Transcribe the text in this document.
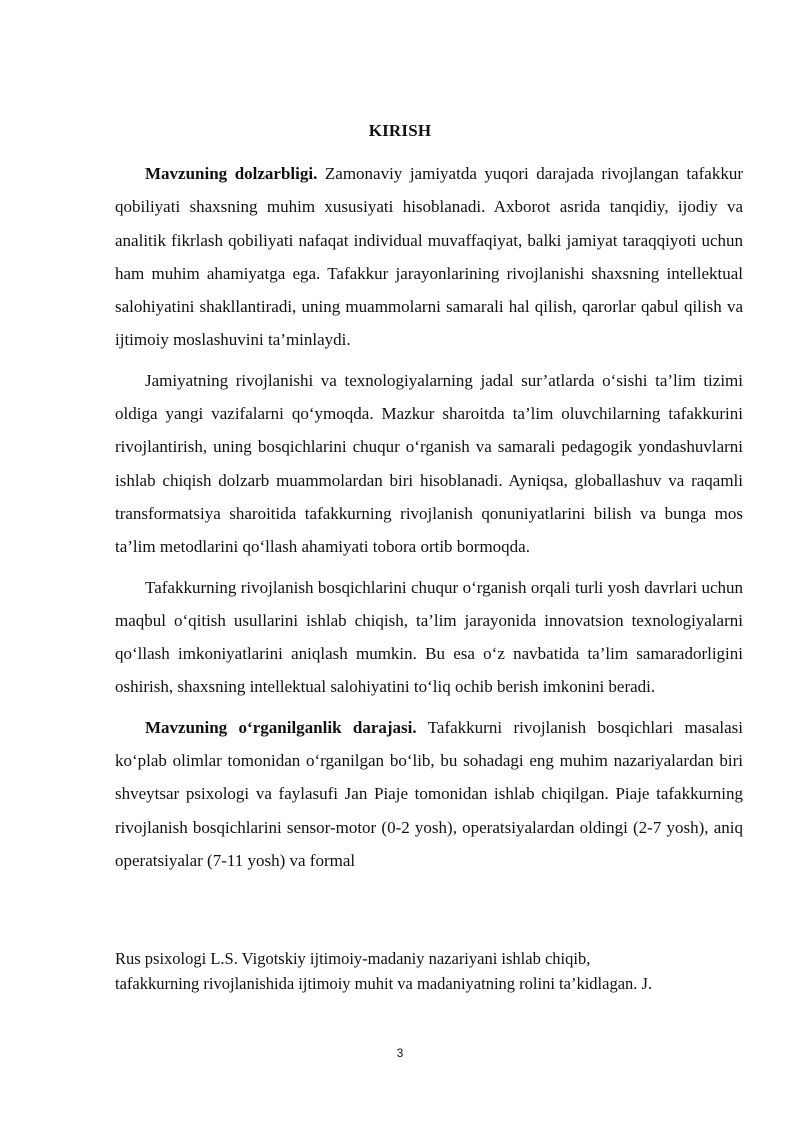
KIRISH

Mavzuning dolzarbligi. Zamonaviy jamiyatda yuqori darajada rivojlangan tafakkur qobiliyati shaxsning muhim xususiyati hisoblanadi. Axborot asrida tanqidiy, ijodiy va analitik fikrlash qobiliyati nafaqat individual muvaffaqiyat, balki jamiyat taraqqiyoti uchun ham muhim ahamiyatga ega. Tafakkur jarayonlarining rivojlanishi shaxsning intellektual salohiyatini shakllantiradi, uning muammolarni samarali hal qilish, qarorlar qabul qilish va ijtimoiy moslashuvini ta’minlaydi.

Jamiyatning rivojlanishi va texnologiyalarning jadal sur’atlarda o‘sishi ta’lim tizimi oldiga yangi vazifalarni qo‘ymoqda. Mazkur sharoitda ta’lim oluvchilarning tafakkurini rivojlantirish, uning bosqichlarini chuqur o‘rganish va samarali pedagogik yondashuvlarni ishlab chiqish dolzarb muammolardan biri hisoblanadi. Ayniqsa, globallashuv va raqamli transformatsiya sharoitida tafakkurning rivojlanish qonuniyatlarini bilish va bunga mos ta’lim metodlarini qo‘llash ahamiyati tobora ortib bormoqda.

Tafakkurning rivojlanish bosqichlarini chuqur o‘rganish orqali turli yosh davrlari uchun maqbul o‘qitish usullarini ishlab chiqish, ta’lim jarayonida innovatsion texnologiyalarni qo‘llash imkoniyatlarini aniqlash mumkin. Bu esa o‘z navbatida ta’lim samaradorligini oshirish, shaxsning intellektual salohiyatini to‘liq ochib berish imkonini beradi.

Mavzuning o‘rganilganlik darajasi. Tafakkurni rivojlanish bosqichlari masalasi ko‘plab olimlar tomonidan o‘rganilgan bo‘lib, bu sohadagi eng muhim nazariyalardan biri shveytsar psixologi va faylasufi Jan Piaje tomonidan ishlab chiqilgan. Piaje tafakkurning rivojlanish bosqichlarini sensor-motor (0-2 yosh), operatsiyalardan oldingi (2-7 yosh), aniq operatsiyalar (7-11 yosh) va formal

Rus psixologi L.S. Vigotskiy ijtimoiy-madaniy nazariyani ishlab chiqib,
tafakkurning rivojlanishida ijtimoiy muhit va madaniyatning rolini ta’kidlagan. J.
3
